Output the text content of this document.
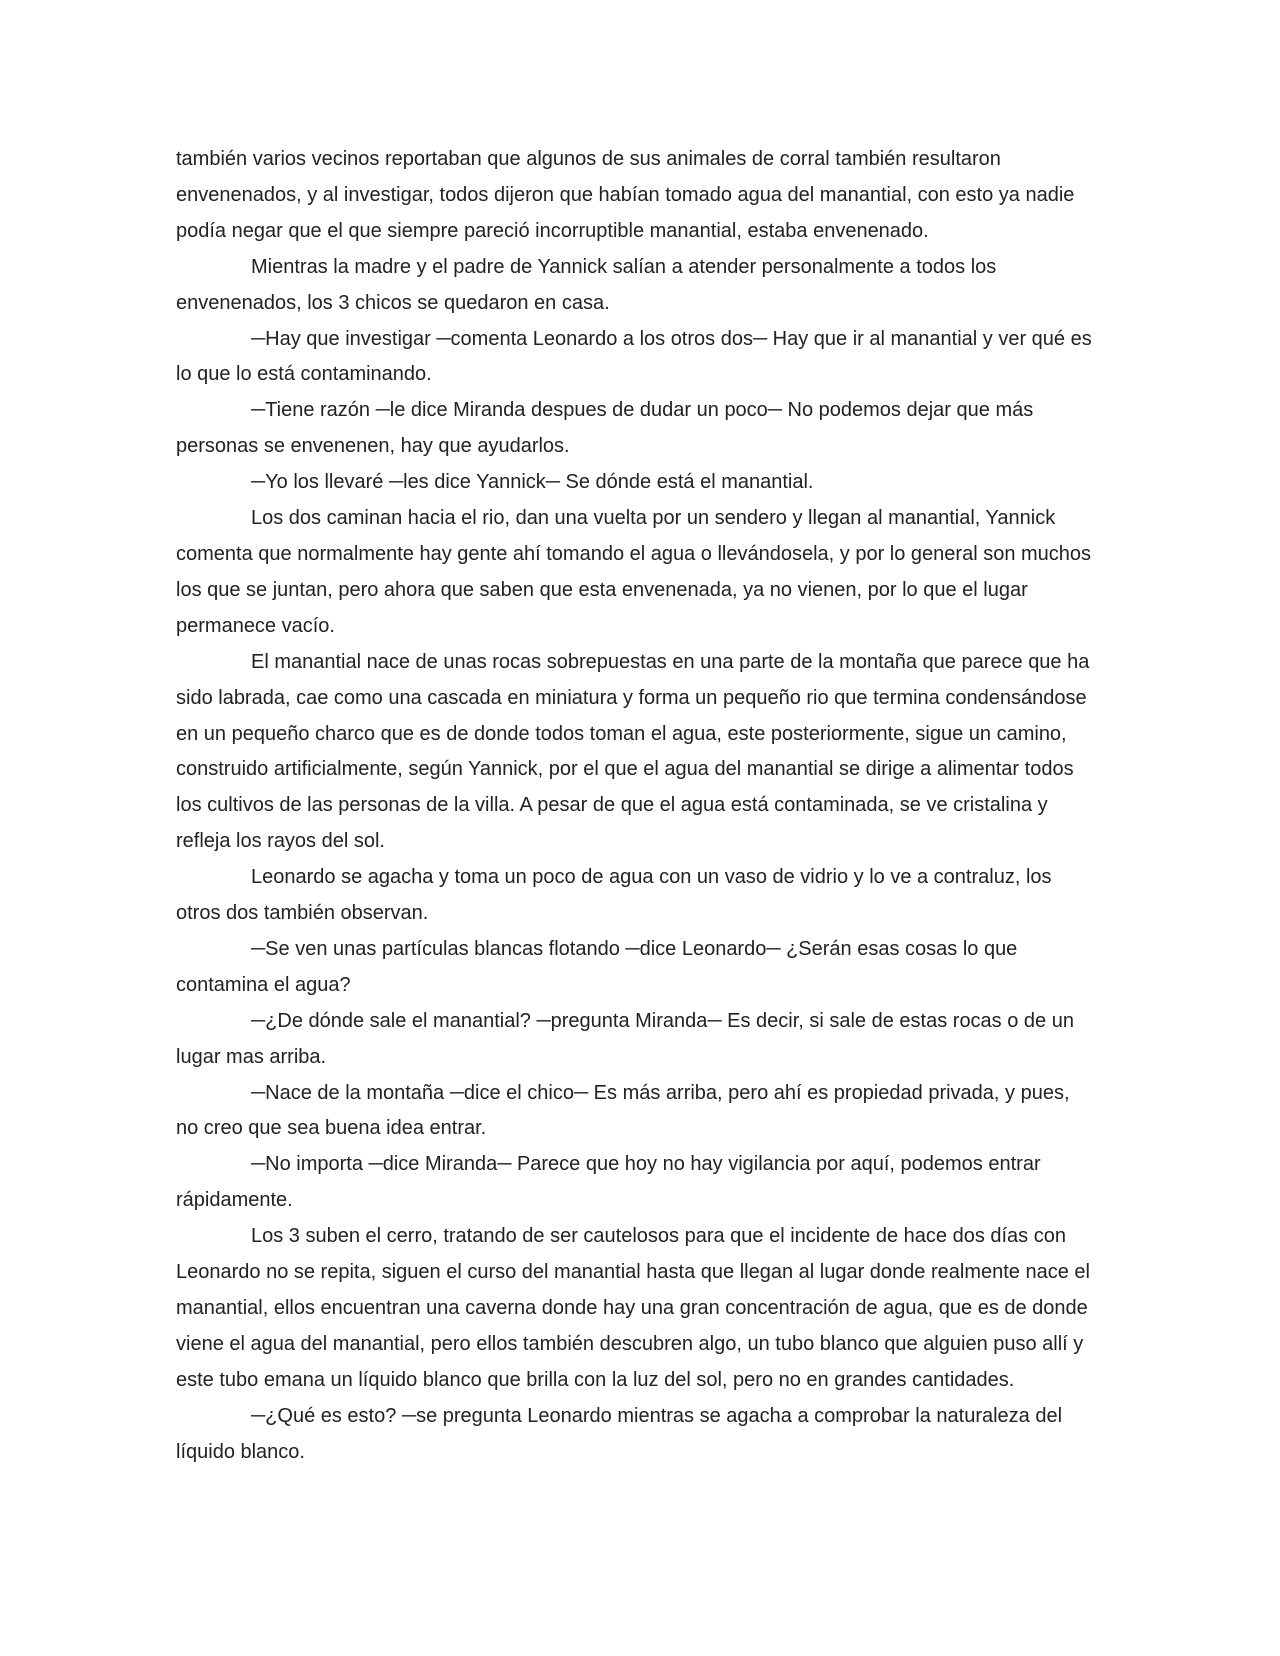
también varios vecinos reportaban que algunos de sus animales de corral también resultaron envenenados, y al investigar, todos dijeron que habían tomado agua del manantial, con esto ya nadie podía negar que el que siempre pareció incorruptible manantial, estaba envenenado.

Mientras la madre y el padre de Yannick salían a atender personalmente a todos los envenenados, los 3 chicos se quedaron en casa.

─Hay que investigar ─comenta Leonardo a los otros dos─ Hay que ir al manantial y ver qué es lo que lo está contaminando.

─Tiene razón ─le dice Miranda despues de dudar un poco─ No podemos dejar que más personas se envenenen, hay que ayudarlos.

─Yo los llevaré ─les dice Yannick─ Se dónde está el manantial.

Los dos caminan hacia el rio, dan una vuelta por un sendero y llegan al manantial, Yannick comenta que normalmente hay gente ahí tomando el agua o llevándosela, y por lo general son muchos los que se juntan, pero ahora que saben que esta envenenada, ya no vienen, por lo que el lugar permanece vacío.

El manantial nace de unas rocas sobrepuestas en una parte de la montaña que parece que ha sido labrada, cae como una cascada en miniatura y forma un pequeño rio que termina condensándose en un pequeño charco que es de donde todos toman el agua, este posteriormente, sigue un camino, construido artificialmente, según Yannick, por el que el agua del manantial se dirige a alimentar todos los cultivos de las personas de la villa. A pesar de que el agua está contaminada, se ve cristalina y refleja los rayos del sol.

Leonardo se agacha y toma un poco de agua con un vaso de vidrio y lo ve a contraluz, los otros dos también observan.

─Se ven unas partículas blancas flotando ─dice Leonardo─ ¿Serán esas cosas lo que contamina el agua?

─¿De dónde sale el manantial? ─pregunta Miranda─ Es decir, si sale de estas rocas o de un lugar mas arriba.

─Nace de la montaña ─dice el chico─ Es más arriba, pero ahí es propiedad privada, y pues, no creo que sea buena idea entrar.

─No importa ─dice Miranda─ Parece que hoy no hay vigilancia por aquí, podemos entrar rápidamente.

Los 3 suben el cerro, tratando de ser cautelosos para que el incidente de hace dos días con Leonardo no se repita, siguen el curso del manantial hasta que llegan al lugar donde realmente nace el manantial, ellos encuentran una caverna donde hay una gran concentración de agua, que es de donde viene el agua del manantial, pero ellos también descubren algo, un tubo blanco que alguien puso allí y este tubo emana un líquido blanco que brilla con la luz del sol, pero no en grandes cantidades.

─¿Qué es esto? ─se pregunta Leonardo mientras se agacha a comprobar la naturaleza del líquido blanco.
